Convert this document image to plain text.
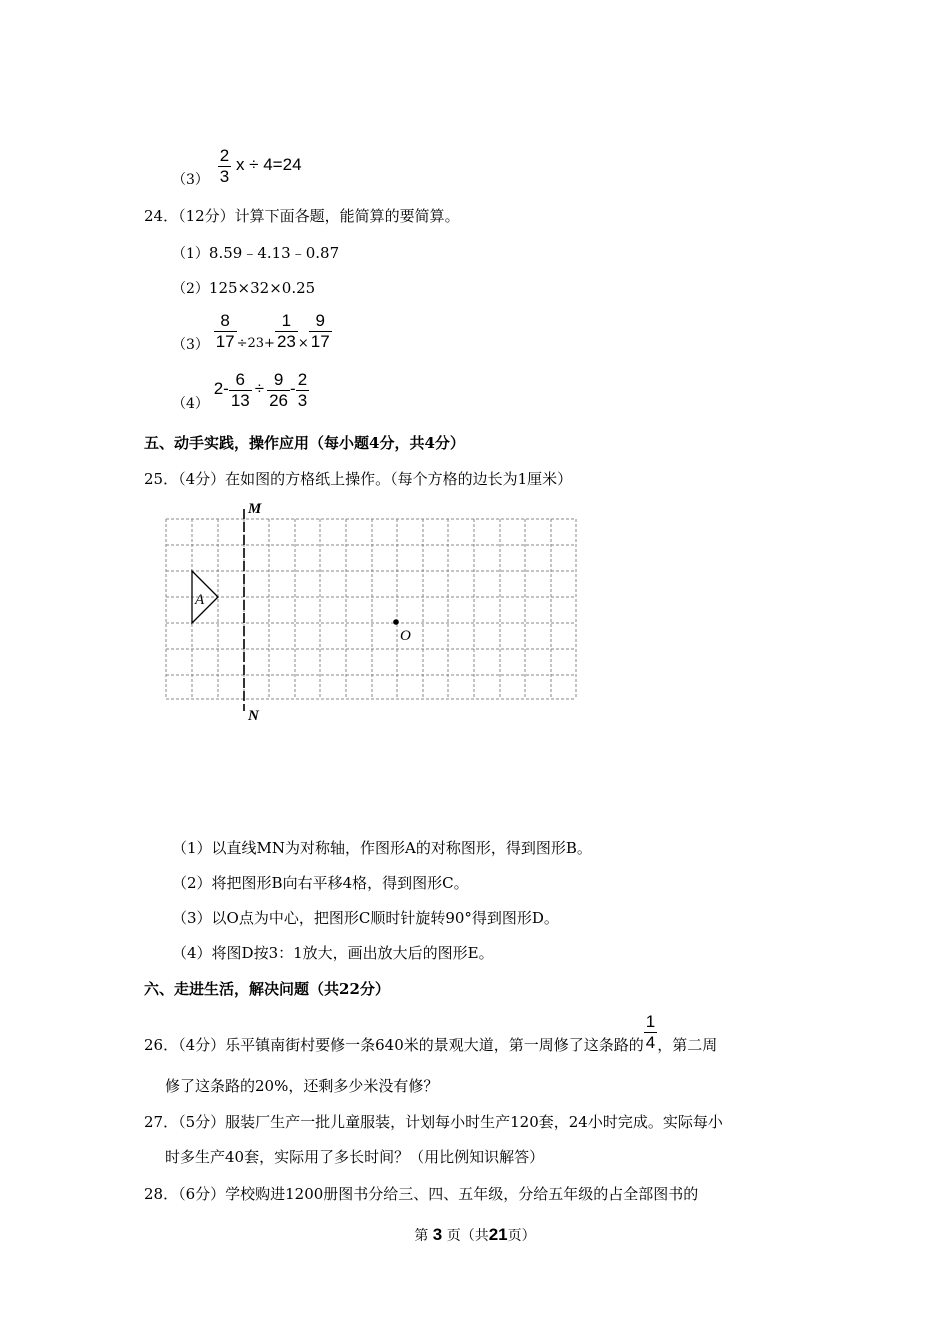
$(3) \frac{2}{3}$ x ÷ 4=24
24．（12分）计算下面各题，能简算的要简算。
（1）8.59﹣4.13﹣0.87
（2）125×32×0.25
$(3) \frac{8}{17} \div 23+ \frac{1}{23} \times \frac{9}{17}$
（4） $2- \frac{6}{13} \div \frac{9}{26} - \frac{2}{3}$
五、动手实践，操作应用（每小题4分，共4分）
25．（4分）在如图的方格纸上操作。（每个方格的边长为1厘米）
M
N
A
O
（1）以直线MN为对称轴，作图形A的对称图形，得到图形B。
（2）将把图形B向右平移4格，得到图形C。
（3）以O点为中心，把图形C顺时针旋转90°得到图形D。
（4）将图D按3：1放大，画出放大后的图形E。
六、走进生活，解决问题（共22分）
26．（4分）乐平镇南街村要修一条640米的景观大道，第一周修了这条路的 $\frac{1}{4}$ ，第二周
修了这条路的20%，还剩多少米没有修？
27．（5分）服装厂生产一批儿童服装，计划每小时生产120套，24小时完成。实际每小
时多生产40套，实际用了多长时间？（用比例知识解答）
28．（6分）学校购进1200册图书分给三、四、五年级，分给五年级的占全部图书的
第 3 页（共21页）
